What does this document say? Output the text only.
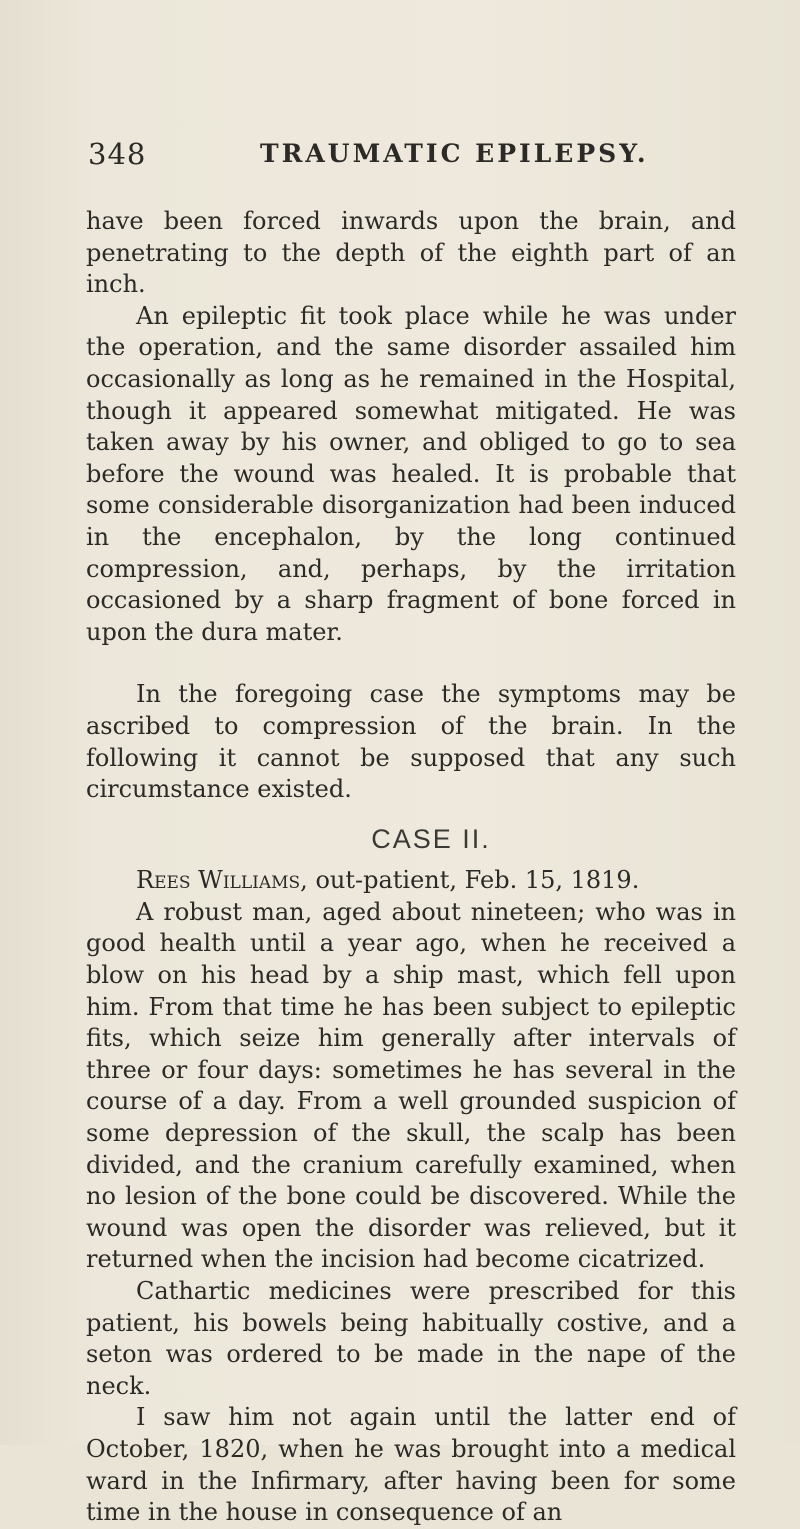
348	TRAUMATIC EPILEPSY.

have been forced inwards upon the brain, and penetrating to the depth of the eighth part of an inch.

An epileptic fit took place while he was under the operation, and the same disorder assailed him occasionally as long as he remained in the Hospital, though it appeared somewhat mitigated. He was taken away by his owner, and obliged to go to sea before the wound was healed. It is probable that some considerable disorganization had been induced in the encephalon, by the long continued compression, and, perhaps, by the irritation occasioned by a sharp fragment of bone forced in upon the dura mater.

In the foregoing case the symptoms may be ascribed to compression of the brain. In the following it cannot be supposed that any such circumstance existed.

CASE II.

Rees Williams, out-patient, Feb. 15, 1819.

A robust man, aged about nineteen; who was in good health until a year ago, when he received a blow on his head by a ship mast, which fell upon him. From that time he has been subject to epileptic fits, which seize him generally after intervals of three or four days: sometimes he has several in the course of a day. From a well grounded suspicion of some depression of the skull, the scalp has been divided, and the cranium carefully examined, when no lesion of the bone could be discovered. While the wound was open the disorder was relieved, but it returned when the incision had become cicatrized.

Cathartic medicines were prescribed for this patient, his bowels being habitually costive, and a seton was ordered to be made in the nape of the neck.

I saw him not again until the latter end of October, 1820, when he was brought into a medical ward in the Infirmary, after having been for some time in the house in consequence of an
